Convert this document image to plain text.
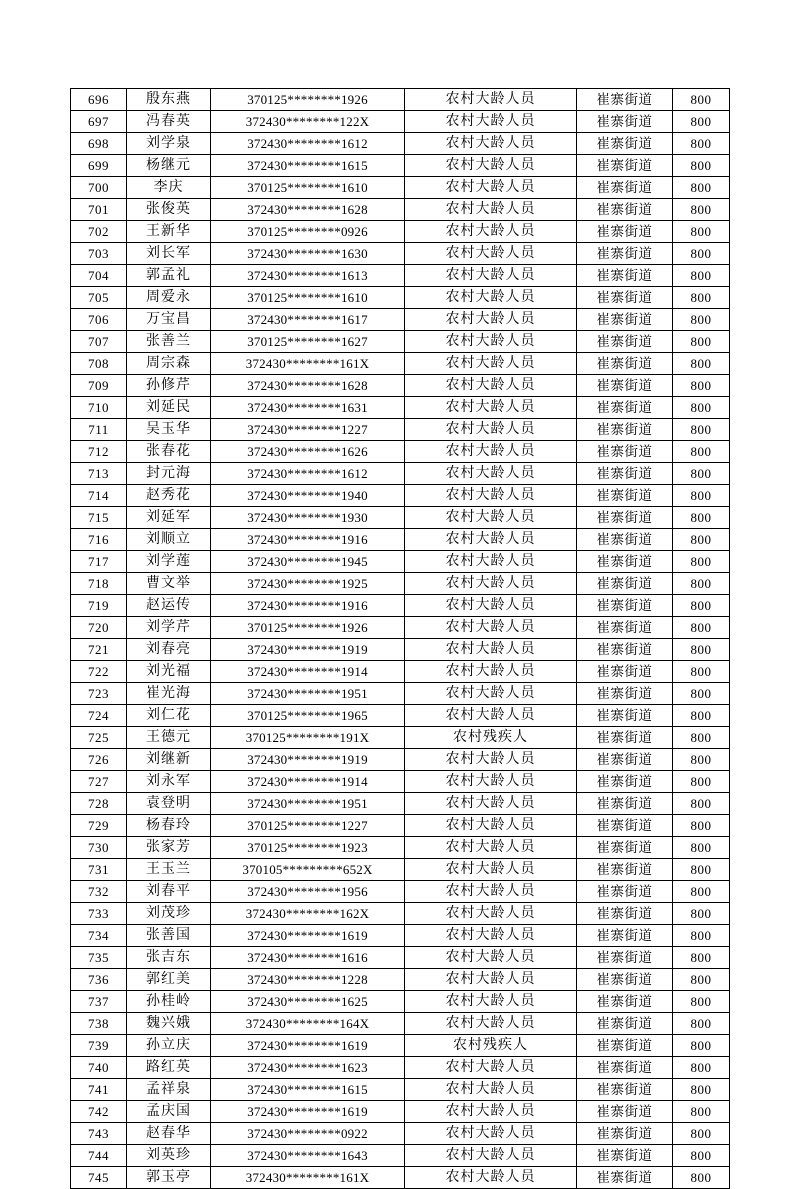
696	殷东燕	370125********1926	农村大龄人员	崔寨街道	800
697	冯春英	372430********122X	农村大龄人员	崔寨街道	800
698	刘学泉	372430********1612	农村大龄人员	崔寨街道	800
699	杨继元	372430********1615	农村大龄人员	崔寨街道	800
700	李庆	370125********1610	农村大龄人员	崔寨街道	800
701	张俊英	372430********1628	农村大龄人员	崔寨街道	800
702	王新华	370125********0926	农村大龄人员	崔寨街道	800
703	刘长军	372430********1630	农村大龄人员	崔寨街道	800
704	郭孟礼	372430********1613	农村大龄人员	崔寨街道	800
705	周爱永	370125********1610	农村大龄人员	崔寨街道	800
706	万宝昌	372430********1617	农村大龄人员	崔寨街道	800
707	张善兰	370125********1627	农村大龄人员	崔寨街道	800
708	周宗森	372430********161X	农村大龄人员	崔寨街道	800
709	孙修芹	372430********1628	农村大龄人员	崔寨街道	800
710	刘延民	372430********1631	农村大龄人员	崔寨街道	800
711	吴玉华	372430********1227	农村大龄人员	崔寨街道	800
712	张春花	372430********1626	农村大龄人员	崔寨街道	800
713	封元海	372430********1612	农村大龄人员	崔寨街道	800
714	赵秀花	372430********1940	农村大龄人员	崔寨街道	800
715	刘延军	372430********1930	农村大龄人员	崔寨街道	800
716	刘顺立	372430********1916	农村大龄人员	崔寨街道	800
717	刘学莲	372430********1945	农村大龄人员	崔寨街道	800
718	曹文举	372430********1925	农村大龄人员	崔寨街道	800
719	赵运传	372430********1916	农村大龄人员	崔寨街道	800
720	刘学芹	370125********1926	农村大龄人员	崔寨街道	800
721	刘春亮	372430********1919	农村大龄人员	崔寨街道	800
722	刘光福	372430********1914	农村大龄人员	崔寨街道	800
723	崔光海	372430********1951	农村大龄人员	崔寨街道	800
724	刘仁花	370125********1965	农村大龄人员	崔寨街道	800
725	王德元	370125********191X	农村残疾人	崔寨街道	800
726	刘继新	372430********1919	农村大龄人员	崔寨街道	800
727	刘永军	372430********1914	农村大龄人员	崔寨街道	800
728	袁登明	372430********1951	农村大龄人员	崔寨街道	800
729	杨春玲	370125********1227	农村大龄人员	崔寨街道	800
730	张家芳	370125********1923	农村大龄人员	崔寨街道	800
731	王玉兰	370105*********652X	农村大龄人员	崔寨街道	800
732	刘春平	372430********1956	农村大龄人员	崔寨街道	800
733	刘茂珍	372430********162X	农村大龄人员	崔寨街道	800
734	张善国	372430********1619	农村大龄人员	崔寨街道	800
735	张吉东	372430********1616	农村大龄人员	崔寨街道	800
736	郭红美	372430********1228	农村大龄人员	崔寨街道	800
737	孙桂岭	372430********1625	农村大龄人员	崔寨街道	800
738	魏兴娥	372430********164X	农村大龄人员	崔寨街道	800
739	孙立庆	372430********1619	农村残疾人	崔寨街道	800
740	路红英	372430********1623	农村大龄人员	崔寨街道	800
741	孟祥泉	372430********1615	农村大龄人员	崔寨街道	800
742	孟庆国	372430********1619	农村大龄人员	崔寨街道	800
743	赵春华	372430********0922	农村大龄人员	崔寨街道	800
744	刘英珍	372430********1643	农村大龄人员	崔寨街道	800
745	郭玉亭	372430********161X	农村大龄人员	崔寨街道	800
